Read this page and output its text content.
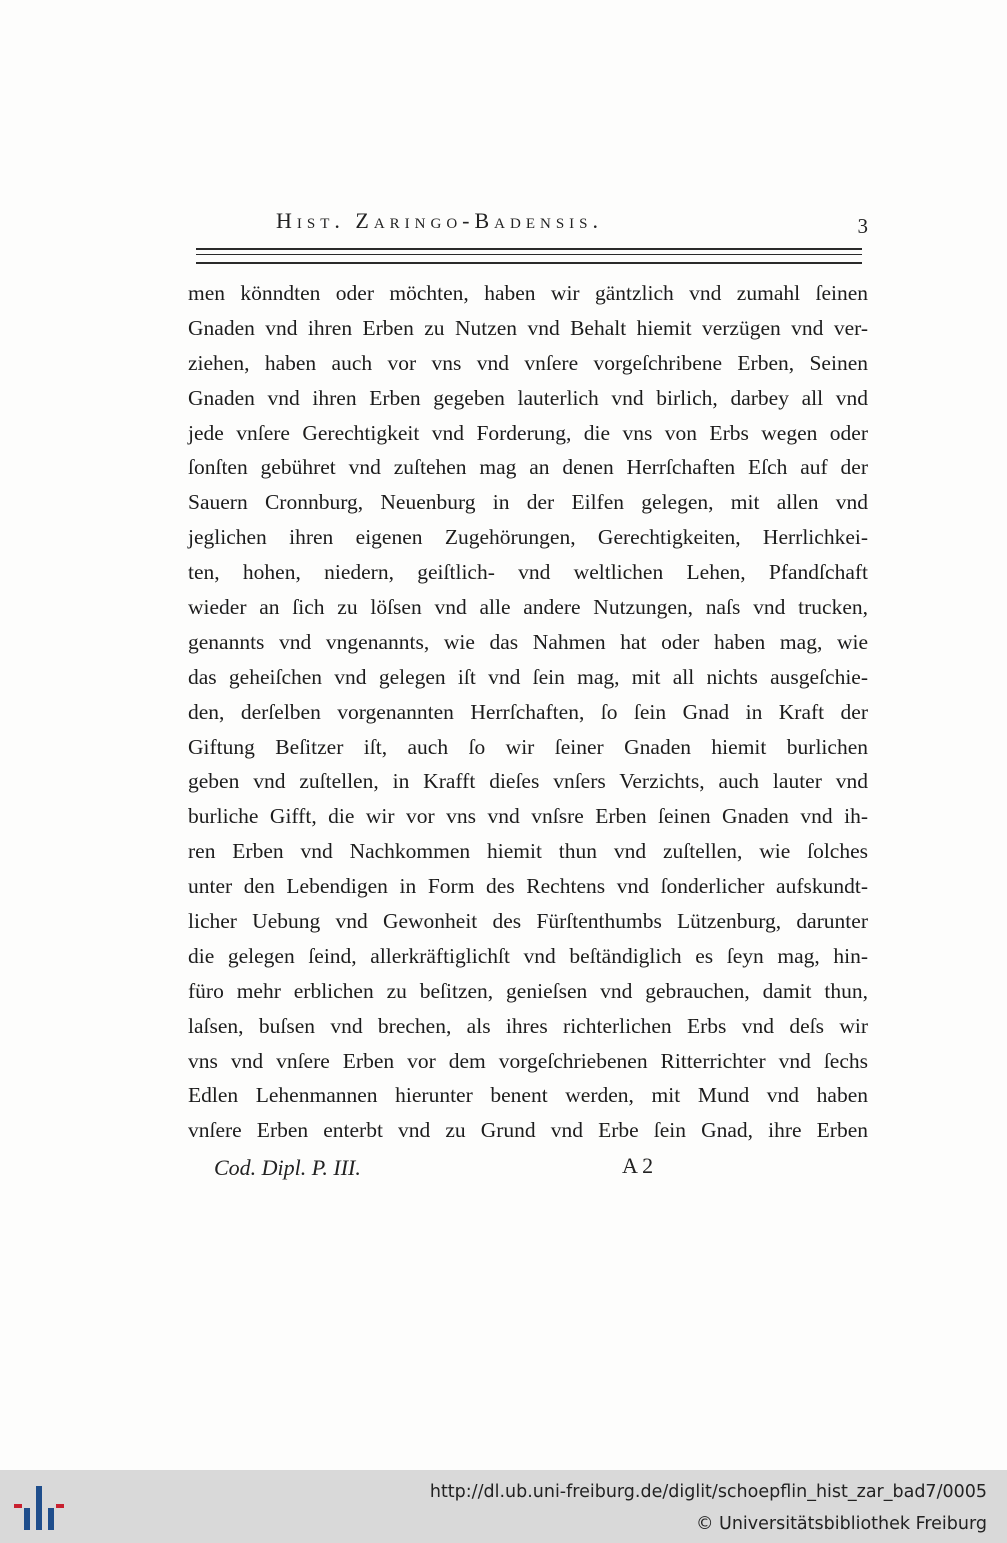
Hist. Zaringo-Badensis.	3
men könndten oder möchten, haben wir gäntzlich vnd zumahl ſeinen
Gnaden vnd ihren Erben zu Nutzen vnd Behalt hiemit verzügen vnd ver-
ziehen, haben auch vor vns vnd vnſere vorgeſchribene Erben, Seinen
Gnaden vnd ihren Erben gegeben lauterlich vnd birlich, darbey all vnd
jede vnſere Gerechtigkeit vnd Forderung, die vns von Erbs wegen oder
ſonſten gebühret vnd zuſtehen mag an denen Herrſchaften Eſch auf der
Sauern Cronnburg, Neuenburg in der Eilfen gelegen, mit allen vnd
jeglichen ihren eigenen Zugehörungen, Gerechtigkeiten, Herrlichkei-
ten, hohen, niedern, geiſtlich- vnd weltlichen Lehen, Pfandſchaft
wieder an ſich zu löſsen vnd alle andere Nutzungen, naſs vnd trucken,
genannts vnd vngenannts, wie das Nahmen hat oder haben mag, wie
das geheiſchen vnd gelegen iſt vnd ſein mag, mit all nichts ausgeſchie-
den, derſelben vorgenannten Herrſchaften, ſo ſein Gnad in Kraft der
Giftung Beſitzer iſt, auch ſo wir ſeiner Gnaden hiemit burlichen
geben vnd zuſtellen, in Krafft dieſes vnſers Verzichts, auch lauter vnd
burliche Gifft, die wir vor vns vnd vnſsre Erben ſeinen Gnaden vnd ih-
ren Erben vnd Nachkommen hiemit thun vnd zuſtellen, wie ſolches
unter den Lebendigen in Form des Rechtens vnd ſonderlicher aufskundt-
licher Uebung vnd Gewonheit des Fürſtenthumbs Lützenburg, darunter
die gelegen ſeind, allerkräftiglichſt vnd beſtändiglich es ſeyn mag, hin-
füro mehr erblichen zu beſitzen, genieſsen vnd gebrauchen, damit thun,
laſsen, buſsen vnd brechen, als ihres richterlichen Erbs vnd deſs wir
vns vnd vnſere Erben vor dem vorgeſchriebenen Ritterrichter vnd ſechs
Edlen Lehenmannen hierunter benent werden, mit Mund vnd haben
vnſere Erben enterbt vnd zu Grund vnd Erbe ſein Gnad, ihre Erben
Cod. Dipl. P. III.	A 2
http://dl.ub.uni-freiburg.de/diglit/schoepflin_hist_zar_bad7/0005
© Universitätsbibliothek Freiburg
